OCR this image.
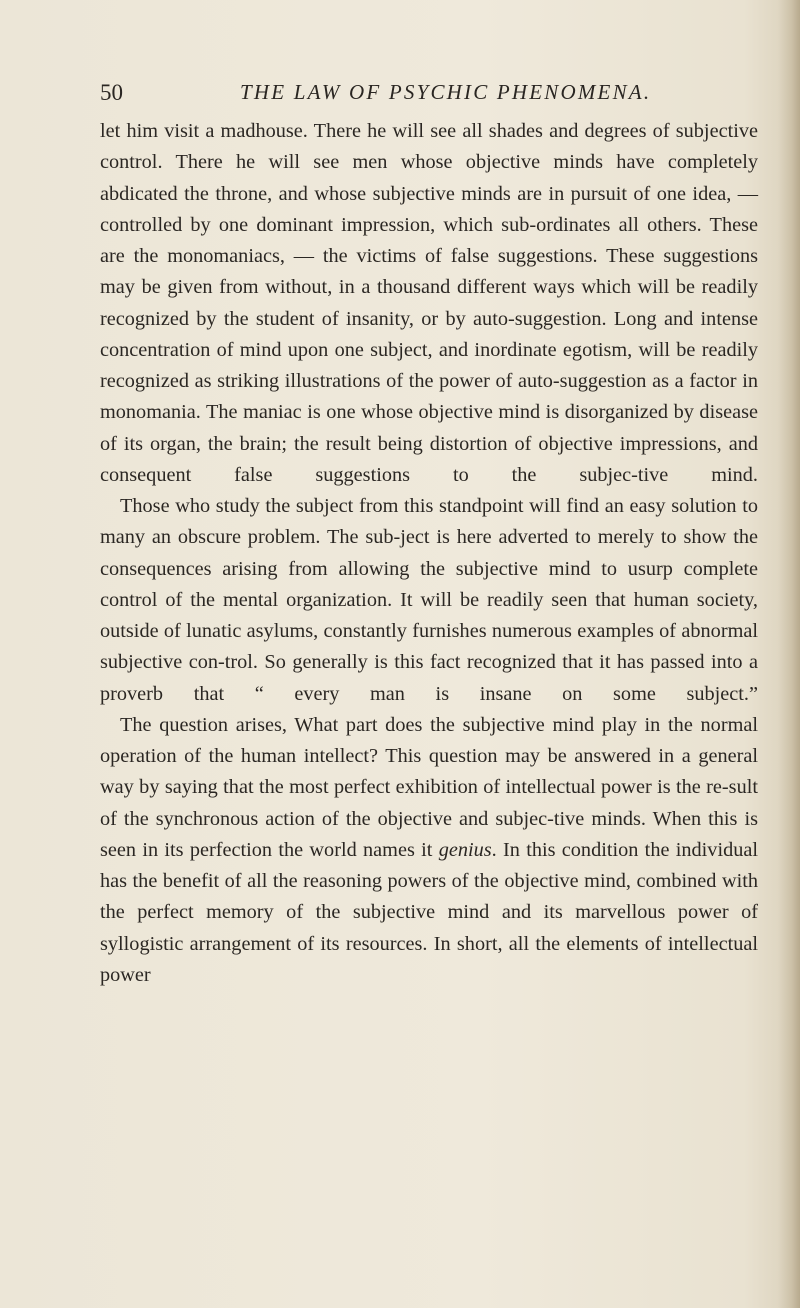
50	THE LAW OF PSYCHIC PHENOMENA.

let him visit a madhouse. There he will see all shades and degrees of subjective control. There he will see men whose objective minds have completely abdicated the throne, and whose subjective minds are in pursuit of one idea, — controlled by one dominant impression, which sub-ordinates all others. These are the monomaniacs, — the victims of false suggestions. These suggestions may be given from without, in a thousand different ways which will be readily recognized by the student of insanity, or by auto-suggestion. Long and intense concentration of mind upon one subject, and inordinate egotism, will be readily recognized as striking illustrations of the power of auto-suggestion as a factor in monomania. The maniac is one whose objective mind is disorganized by disease of its organ, the brain; the result being distortion of objective impressions, and consequent false suggestions to the subjec-tive mind.

Those who study the subject from this standpoint will find an easy solution to many an obscure problem. The sub-ject is here adverted to merely to show the consequences arising from allowing the subjective mind to usurp complete control of the mental organization. It will be readily seen that human society, outside of lunatic asylums, constantly furnishes numerous examples of abnormal subjective con-trol. So generally is this fact recognized that it has passed into a proverb that “ every man is insane on some subject.”

The question arises, What part does the subjective mind play in the normal operation of the human intellect? This question may be answered in a general way by saying that the most perfect exhibition of intellectual power is the re-sult of the synchronous action of the objective and subjec-tive minds. When this is seen in its perfection the world names it genius. In this condition the individual has the benefit of all the reasoning powers of the objective mind, combined with the perfect memory of the subjective mind and its marvellous power of syllogistic arrangement of its resources. In short, all the elements of intellectual power
